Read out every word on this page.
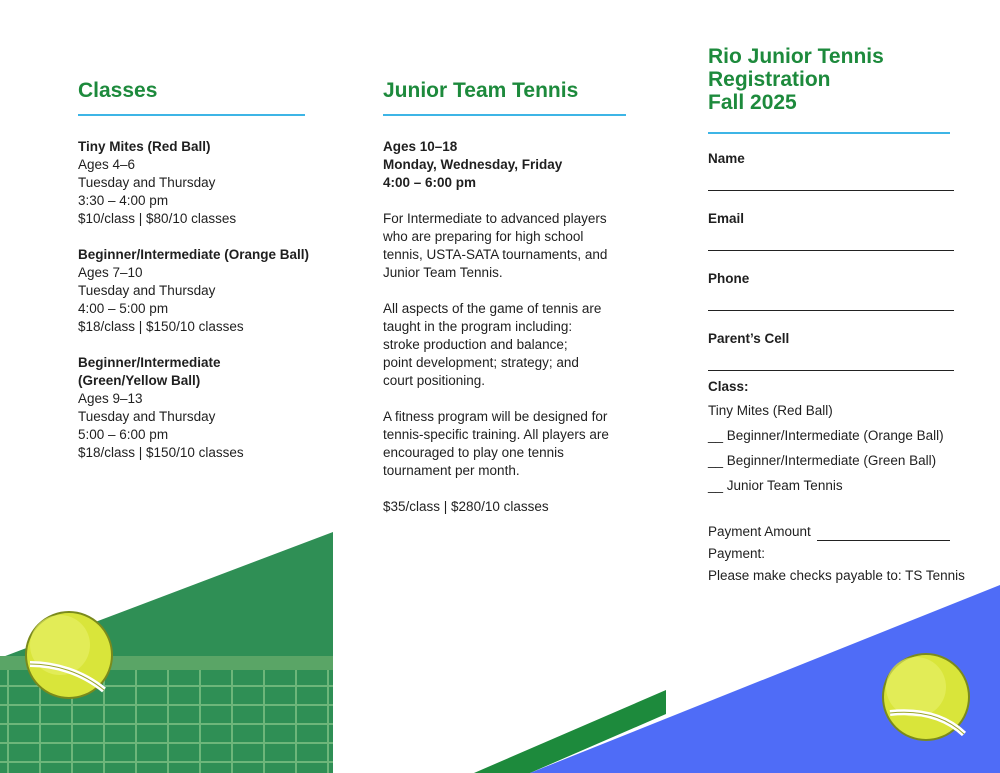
Classes
Tiny Mites (Red Ball)
Ages 4–6
Tuesday and Thursday
3:30 – 4:00 pm
$10/class | $80/10 classes
Beginner/Intermediate (Orange Ball)
Ages 7–10
Tuesday and Thursday
4:00 – 5:00 pm
$18/class | $150/10 classes
Beginner/Intermediate
(Green/Yellow Ball)
Ages 9–13
Tuesday and Thursday
5:00 – 6:00 pm
$18/class | $150/10 classes
Junior Team Tennis
Ages 10–18
Monday, Wednesday, Friday
4:00 – 6:00 pm
For Intermediate to advanced players
who are preparing for high school
tennis, USTA-SATA tournaments, and
Junior Team Tennis.
All aspects of the game of tennis are
taught in the program including:
stroke production and balance;
point development; strategy; and
court positioning.
A fitness program will be designed for
tennis-specific training. All players are
encouraged to play one tennis
tournament per month.
$35/class | $280/10 classes
Rio Junior Tennis
Registration
Fall 2025
Name
Email
Phone
Parent’s Cell
Class:
Tiny Mites (Red Ball)
__ Beginner/Intermediate (Orange Ball)
__ Beginner/Intermediate (Green Ball)
__ Junior Team Tennis
Payment Amount
Payment:
Please make checks payable to: TS Tennis
